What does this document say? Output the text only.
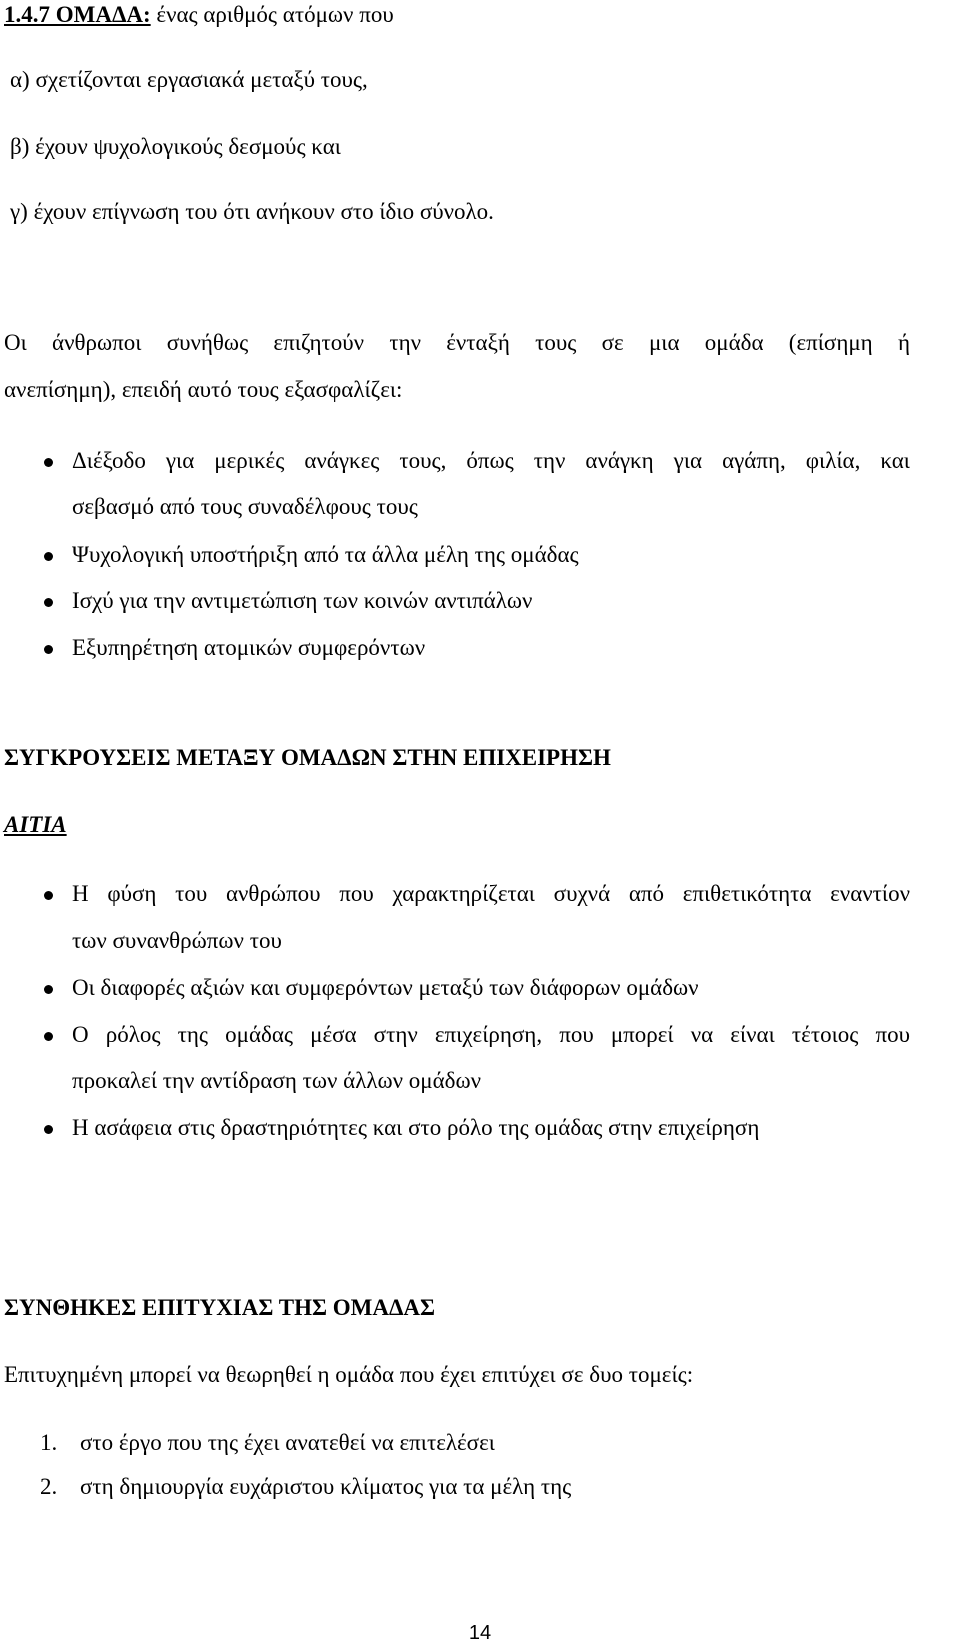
1.4.7 ΟΜΑΔΑ: ένας αριθμός ατόμων που
α) σχετίζονται εργασιακά μεταξύ τους,
β) έχουν ψυχολογικούς δεσμούς και
γ) έχουν επίγνωση του ότι ανήκουν στο ίδιο σύνολο.
Οι άνθρωποι συνήθως επιζητούν την ένταξή τους σε μια ομάδα (επίσημη ή
ανεπίσημη), επειδή αυτό τους εξασφαλίζει:
Διέξοδο για μερικές ανάγκες τους, όπως την ανάγκη για αγάπη, φιλία, και
σεβασμό από τους συναδέλφους τους
Ψυχολογική υποστήριξη από τα άλλα μέλη της ομάδας
Ισχύ για την αντιμετώπιση των κοινών αντιπάλων
Εξυπηρέτηση ατομικών συμφερόντων
ΣΥΓΚΡΟΥΣΕΙΣ ΜΕΤΑΞΥ ΟΜΑΔΩΝ ΣΤΗΝ ΕΠΙΧΕΙΡΗΣΗ
ΑΙΤΙΑ
Η φύση του ανθρώπου που χαρακτηρίζεται συχνά από επιθετικότητα εναντίον
των συνανθρώπων του
Οι διαφορές αξιών και συμφερόντων μεταξύ των διάφορων ομάδων
Ο ρόλος της ομάδας μέσα στην επιχείρηση, που μπορεί να είναι τέτοιος που
προκαλεί την αντίδραση των άλλων ομάδων
Η ασάφεια στις δραστηριότητες και στο ρόλο της ομάδας στην επιχείρηση
ΣΥΝΘΗΚΕΣ ΕΠΙΤΥΧΙΑΣ ΤΗΣ ΟΜΑΔΑΣ
Επιτυχημένη μπορεί να θεωρηθεί η ομάδα που έχει επιτύχει σε δυο τομείς:
1. στο έργο που της έχει ανατεθεί να επιτελέσει
2. στη δημιουργία ευχάριστου κλίματος για τα μέλη της
14
